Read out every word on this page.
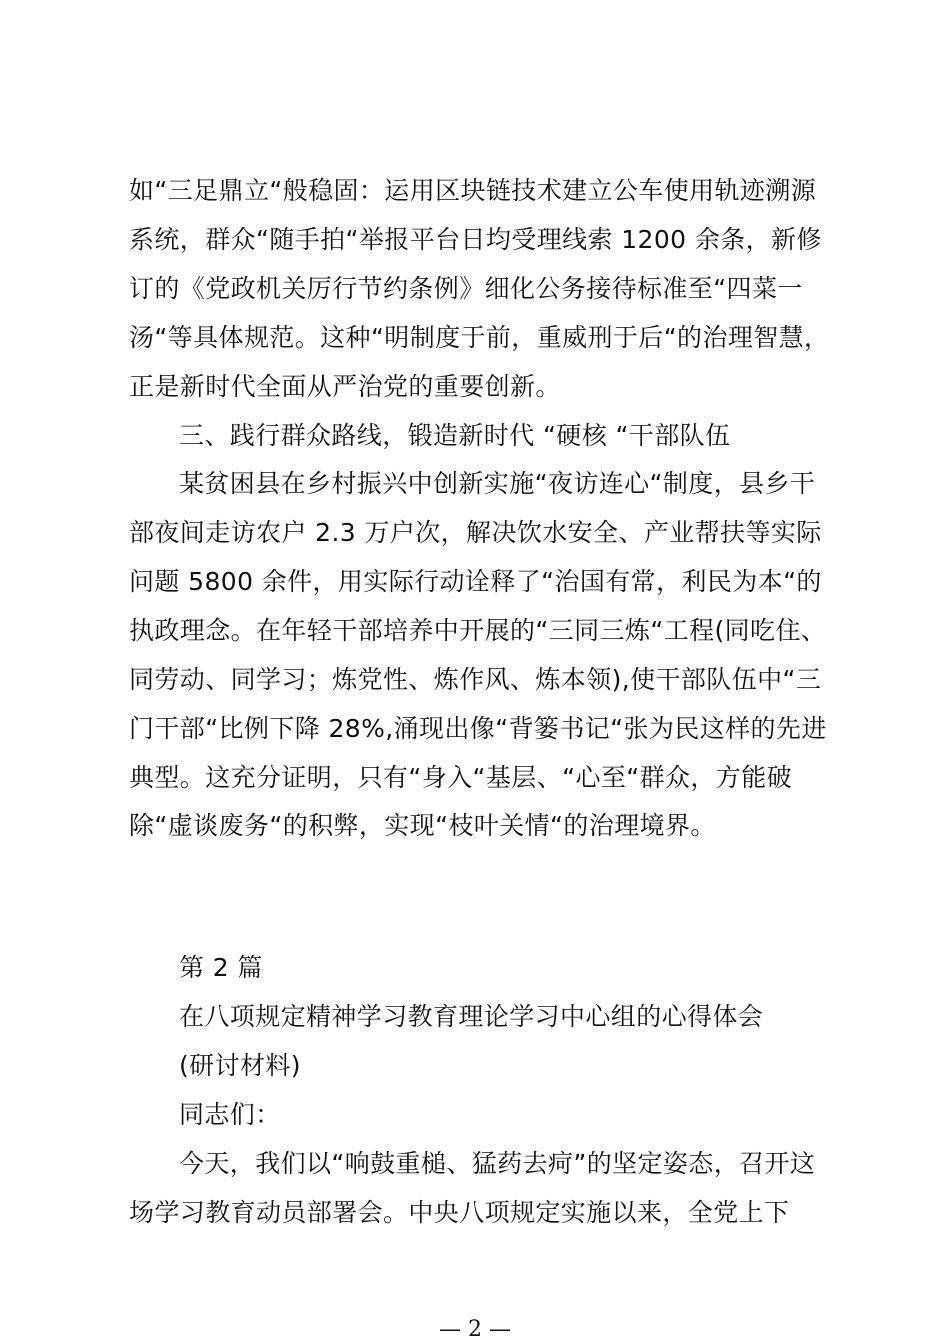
如“三足鼎立“般稳固：运用区块链技术建立公车使用轨迹溯源
系统，群众“随手拍“举报平台日均受理线索 1200 余条，新修
订的《党政机关厉行节约条例》细化公务接待标准至“四菜一
汤“等具体规范。这种“明制度于前，重威刑于后“的治理智慧，
正是新时代全面从严治党的重要创新。
三、践行群众路线，锻造新时代 “硬核 “干部队伍
某贫困县在乡村振兴中创新实施“夜访连心“制度，县乡干
部夜间走访农户 2.3 万户次，解决饮水安全、产业帮扶等实际
问题 5800 余件，用实际行动诠释了“治国有常，利民为本“的
执政理念。在年轻干部培养中开展的“三同三炼“工程(同吃住、
同劳动、同学习；炼党性、炼作风、炼本领),使干部队伍中“三
门干部“比例下降 28%,涌现出像“背篓书记“张为民这样的先进
典型。这充分证明，只有“身入“基层、“心至“群众，方能破
除“虚谈废务“的积弊，实现“枝叶关情“的治理境界。
第 2 篇
在八项规定精神学习教育理论学习中心组的心得体会
(研讨材料)
同志们：
今天，我们以“响鼓重槌、猛药去疴”的坚定姿态，召开这
场学习教育动员部署会。中央八项规定实施以来，全党上下
— 2 —
